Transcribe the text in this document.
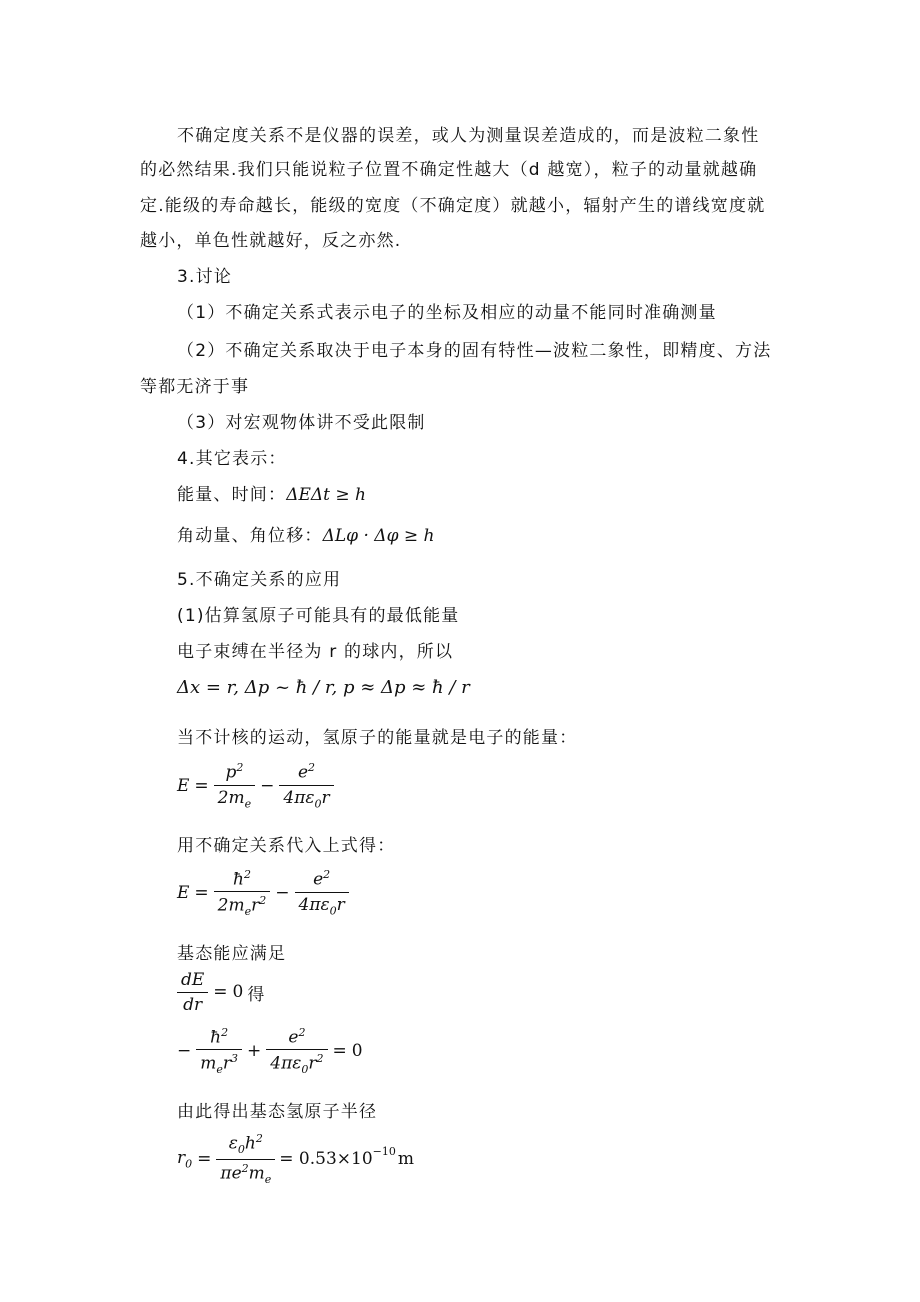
不确定度关系不是仪器的误差，或人为测量误差造成的，而是波粒二象性
的必然结果.我们只能说粒子位置不确定性越大（d 越宽），粒子的动量就越确
定.能级的寿命越长，能级的宽度（不确定度）就越小，辐射产生的谱线宽度就
越小，单色性就越好，反之亦然.
3.讨论
（1）不确定关系式表示电子的坐标及相应的动量不能同时准确测量
（2）不确定关系取决于电子本身的固有特性—波粒二象性，即精度、方法
等都无济于事
（3）对宏观物体讲不受此限制
4.其它表示：
能量、时间：ΔEΔt ≥ h
角动量、角位移：ΔLφ · Δφ ≥ h
5.不确定关系的应用
(1)估算氢原子可能具有的最低能量
电子束缚在半径为 r 的球内，所以
Δx = r, Δp ~ ħ / r, p ≈ Δp ≈ ħ / r
当不计核的运动，氢原子的能量就是电子的能量：
$E = \frac{p^2}{2m_e} - \frac{e^2}{4\pi\varepsilon_0r}$
用不确定关系代入上式得：
$E = \frac{ħ^2}{2m_er^2} - \frac{e^2}{4\pi\varepsilon_0r}$
基态能应满足
$\frac{dE}{dr} = 0$ 得
− $\frac{ħ^2}{m_er^3} + \frac{e^2}{4\pi\varepsilon_0r^2} = 0$
由此得出基态氢原子半径
$r_0 = \frac{\varepsilon_0h^2}{\pi e^2m_e} = 0.53\times 10^{-10}$ m
